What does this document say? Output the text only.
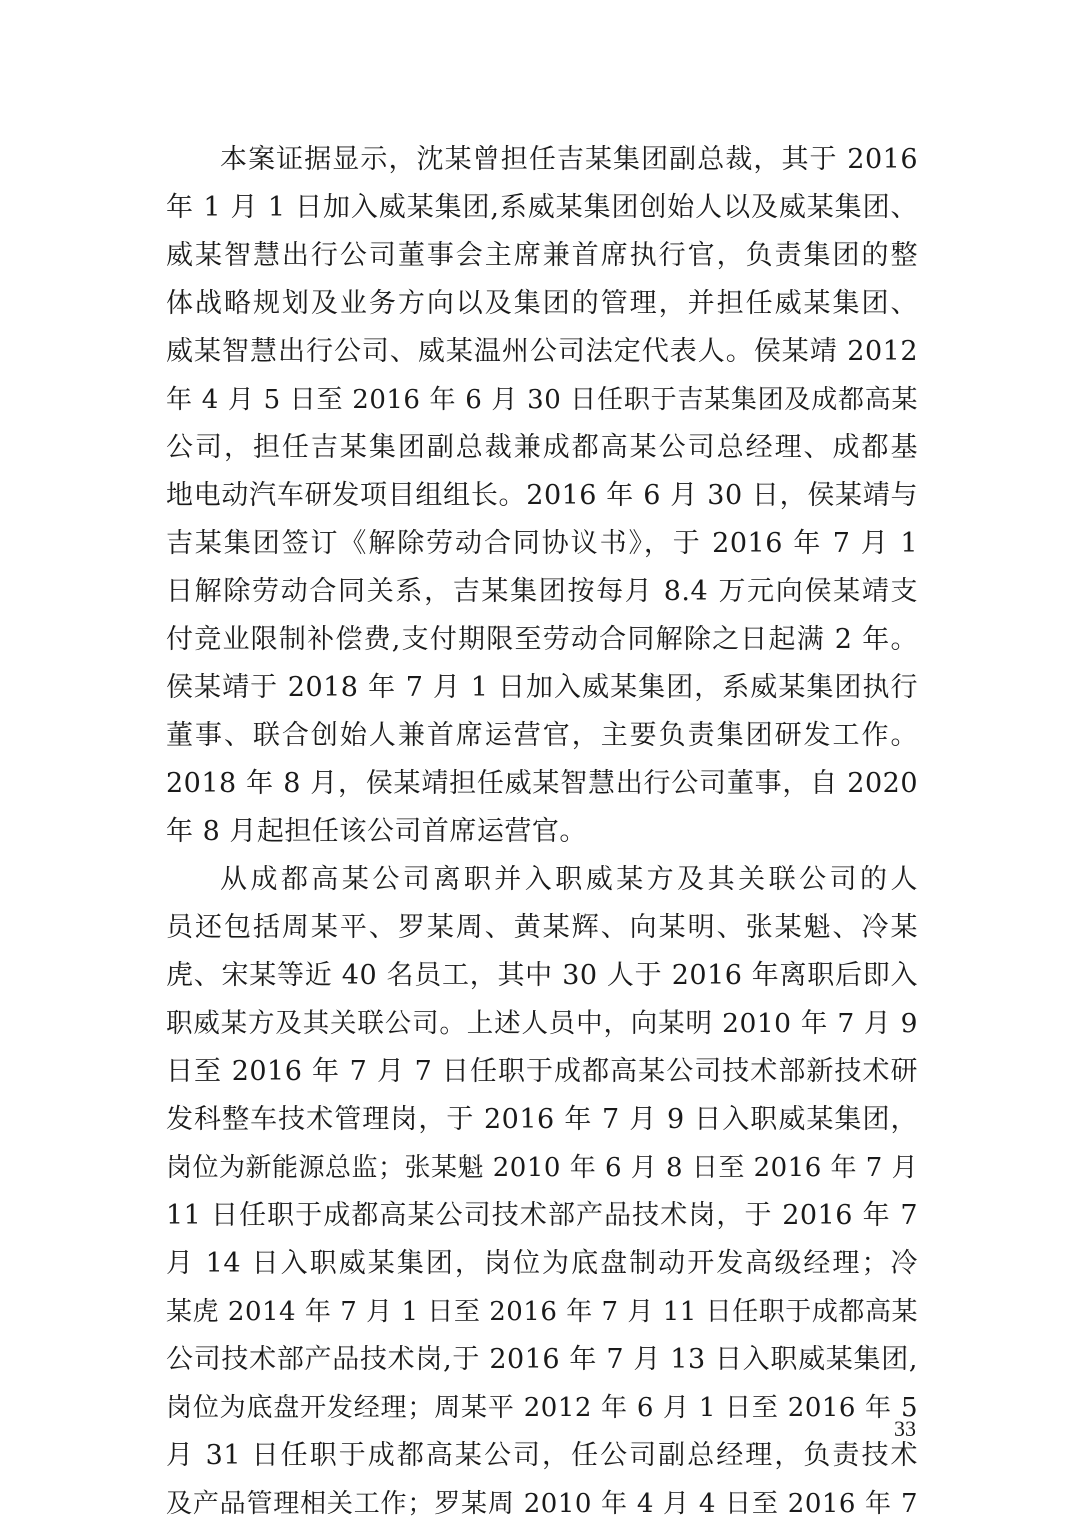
本案证据显示，沈某曾担任吉某集团副总裁，其于 2016
年 1 月 1 日加入威某集团,系威某集团创始人以及威某集团、
威某智慧出行公司董事会主席兼首席执行官，负责集团的整
体战略规划及业务方向以及集团的管理，并担任威某集团、
威某智慧出行公司、威某温州公司法定代表人。侯某靖 2012
年 4 月 5 日至 2016 年 6 月 30 日任职于吉某集团及成都高某
公司，担任吉某集团副总裁兼成都高某公司总经理、成都基
地电动汽车研发项目组组长。2016 年 6 月 30 日，侯某靖与
吉某集团签订《解除劳动合同协议书》，于 2016 年 7 月 1
日解除劳动合同关系，吉某集团按每月 8.4 万元向侯某靖支
付竞业限制补偿费,支付期限至劳动合同解除之日起满 2 年。
侯某靖于 2018 年 7 月 1 日加入威某集团，系威某集团执行
董事、联合创始人兼首席运营官，主要负责集团研发工作。
2018 年 8 月，侯某靖担任威某智慧出行公司董事，自 2020
年 8 月起担任该公司首席运营官。
从成都高某公司离职并入职威某方及其关联公司的人
员还包括周某平、罗某周、黄某辉、向某明、张某魁、冷某
虎、宋某等近 40 名员工，其中 30 人于 2016 年离职后即入
职威某方及其关联公司。上述人员中，向某明 2010 年 7 月 9
日至 2016 年 7 月 7 日任职于成都高某公司技术部新技术研
发科整车技术管理岗，于 2016 年 7 月 9 日入职威某集团，
岗位为新能源总监；张某魁 2010 年 6 月 8 日至 2016 年 7 月
11 日任职于成都高某公司技术部产品技术岗，于 2016 年 7
月 14 日入职威某集团，岗位为底盘制动开发高级经理；冷
某虎 2014 年 7 月 1 日至 2016 年 7 月 11 日任职于成都高某
公司技术部产品技术岗,于 2016 年 7 月 13 日入职威某集团,
岗位为底盘开发经理；周某平 2012 年 6 月 1 日至 2016 年 5
月 31 日任职于成都高某公司，任公司副总经理，负责技术
及产品管理相关工作；罗某周 2010 年 4 月 4 日至 2016 年 7
33
